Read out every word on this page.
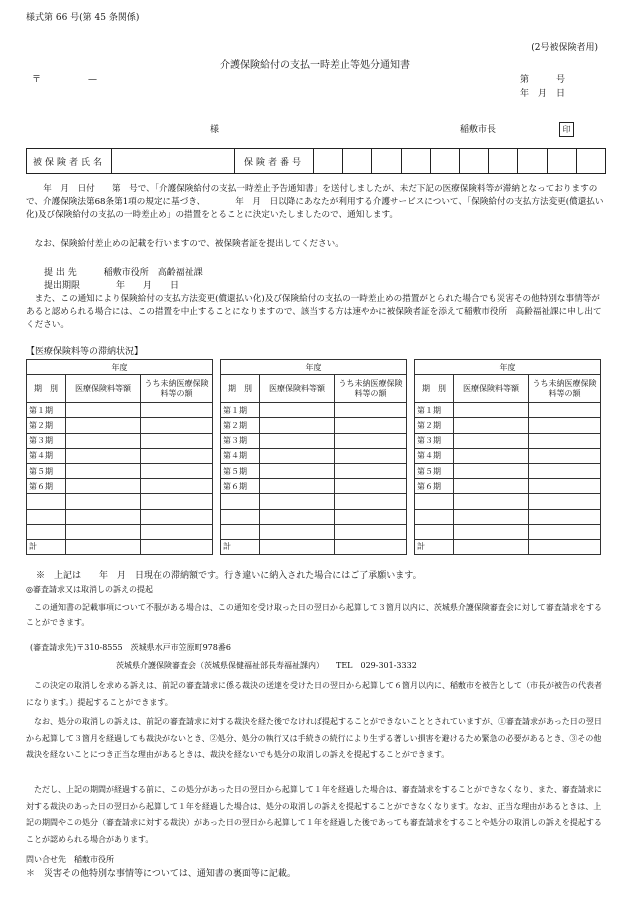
様式第 66 号(第 45 条関係)
(2号被保険者用)
介護保険給付の支払一時差止等処分通知書
〒	—	第　　　号
年　月　日
様	稲敷市長	印
被保険者氏名		保険者番号										
　　年　月　日付　　第　号で、「介護保険給付の支払一時差止予告通知書」を送付しましたが、未だ下記の医療保険料等が滞納となっておりますので、介護保険法第68条第1項の規定に基づき、　　　　年　月　日以降にあなたが利用する介護サービスについて、「保険給付の支払方法変更(償還払い化)及び保険給付の支払の一時差止め」の措置をとることに決定いたしましたので、通知します。
　なお、保険給付差止めの記載を行いますので、被保険者証を提出してください。
提 出 先　　　稲敷市役所　高齢福祉課
提出期限　　　　年　　月　　日
　また、この通知により保険給付の支払方法変更(償還払い化)及び保険給付の支払の一時差止めの措置がとられた場合でも災害その他特別な事情等があると認められる場合には、この措置を中止することになりますので、該当する方は速やかに被保険者証を添えて稲敷市役所　高齢福祉課に申し出てください。
【医療保険料等の滞納状況】
年度		
期　別	医療保険料等額	うち未納医療保険料等の額
第１期		
第２期		
第３期		
第４期		
第５期		
第６期		

計		
年度		
期　別	医療保険料等額	うち未納医療保険料等の額
第１期		
第２期		
第３期		
第４期		
第５期		
第６期		

計		
年度		
期　別	医療保険料等額	うち未納医療保険料等の額
第１期		
第２期		
第３期		
第４期		
第５期		
第６期		

計		
※　上記は　　年　月　日現在の滞納額です。行き違いに納入された場合にはご了承願います。
◎審査請求又は取消しの訴えの提起
　この通知書の記載事項について不服がある場合は、この通知を受け取った日の翌日から起算して３箇月以内に、茨城県介護保険審査会に対して審査請求をすることができます。
(審査請求先)〒310-8555　茨城県水戸市笠原町978番6
茨城県介護保険審査会（茨城県保健福祉部長寿福祉課内）　　TEL　029-301-3332
　この決定の取消しを求める訴えは、前記の審査請求に係る裁決の送達を受けた日の翌日から起算して６箇月以内に、稲敷市を被告として（市長が被告の代表者になります。）提起することができます。
　なお、処分の取消しの訴えは、前記の審査請求に対する裁決を経た後でなければ提起することができないこととされていますが、①審査請求があった日の翌日から起算して３箇月を経過しても裁決がないとき、②処分、処分の執行又は手続きの続行により生ずる著しい損害を避けるため緊急の必要があるとき、③その他裁決を経ないことにつき正当な理由があるときは、裁決を経ないでも処分の取消しの訴えを提起することができます。
　ただし、上記の期間が経過する前に、この処分があった日の翌日から起算して１年を経過した場合は、審査請求をすることができなくなり、また、審査請求に対する裁決のあった日の翌日から起算して１年を経過した場合は、処分の取消しの訴えを提起することができなくなります。なお、正当な理由があるときは、上記の期間やこの処分（審査請求に対する裁決）があった日の翌日から起算して１年を経過した後であっても審査請求をすることや処分の取消しの訴えを提起することが認められる場合があります。
問い合せ先　稲敷市役所
＊　災害その他特別な事情等については、通知書の裏面等に記載。
